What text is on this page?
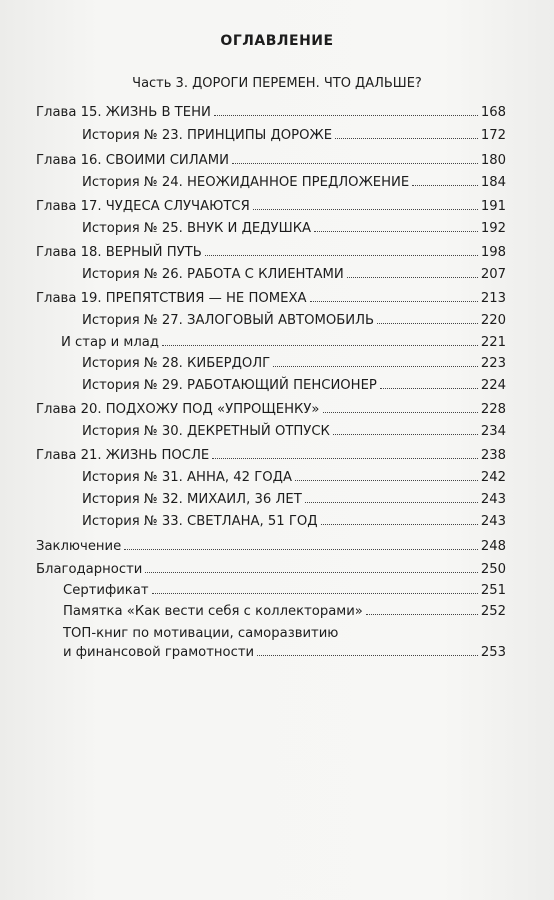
ОГЛАВЛЕНИЕ
Часть 3. ДОРОГИ ПЕРЕМЕН. ЧТО ДАЛЬШЕ?
Глава 15. ЖИЗНЬ В ТЕНИ	168
История № 23. ПРИНЦИПЫ ДОРОЖЕ	172
Глава 16. СВОИМИ СИЛАМИ	180
История № 24. НЕОЖИДАННОЕ ПРЕДЛОЖЕНИЕ	184
Глава 17. ЧУДЕСА СЛУЧАЮТСЯ	191
История № 25. ВНУК И ДЕДУШКА	192
Глава 18. ВЕРНЫЙ ПУТЬ	198
История № 26. РАБОТА С КЛИЕНТАМИ	207
Глава 19. ПРЕПЯТСТВИЯ — НЕ ПОМЕХА	213
История № 27. ЗАЛОГОВЫЙ АВТОМОБИЛЬ	220
И стар и млад	221
История № 28. КИБЕРДОЛГ	223
История № 29. РАБОТАЮЩИЙ ПЕНСИОНЕР	224
Глава 20. ПОДХОЖУ ПОД «УПРОЩЕНКУ»	228
История № 30. ДЕКРЕТНЫЙ ОТПУСК	234
Глава 21. ЖИЗНЬ ПОСЛЕ	238
История № 31. АННА, 42 ГОДА	242
История № 32. МИХАИЛ, 36 ЛЕТ	243
История № 33. СВЕТЛАНА, 51 ГОД	243
Заключение	248
Благодарности	250
Сертификат	251
Памятка «Как вести себя с коллекторами»	252
ТОП-книг по мотивации, саморазвитию
и финансовой грамотности	253
